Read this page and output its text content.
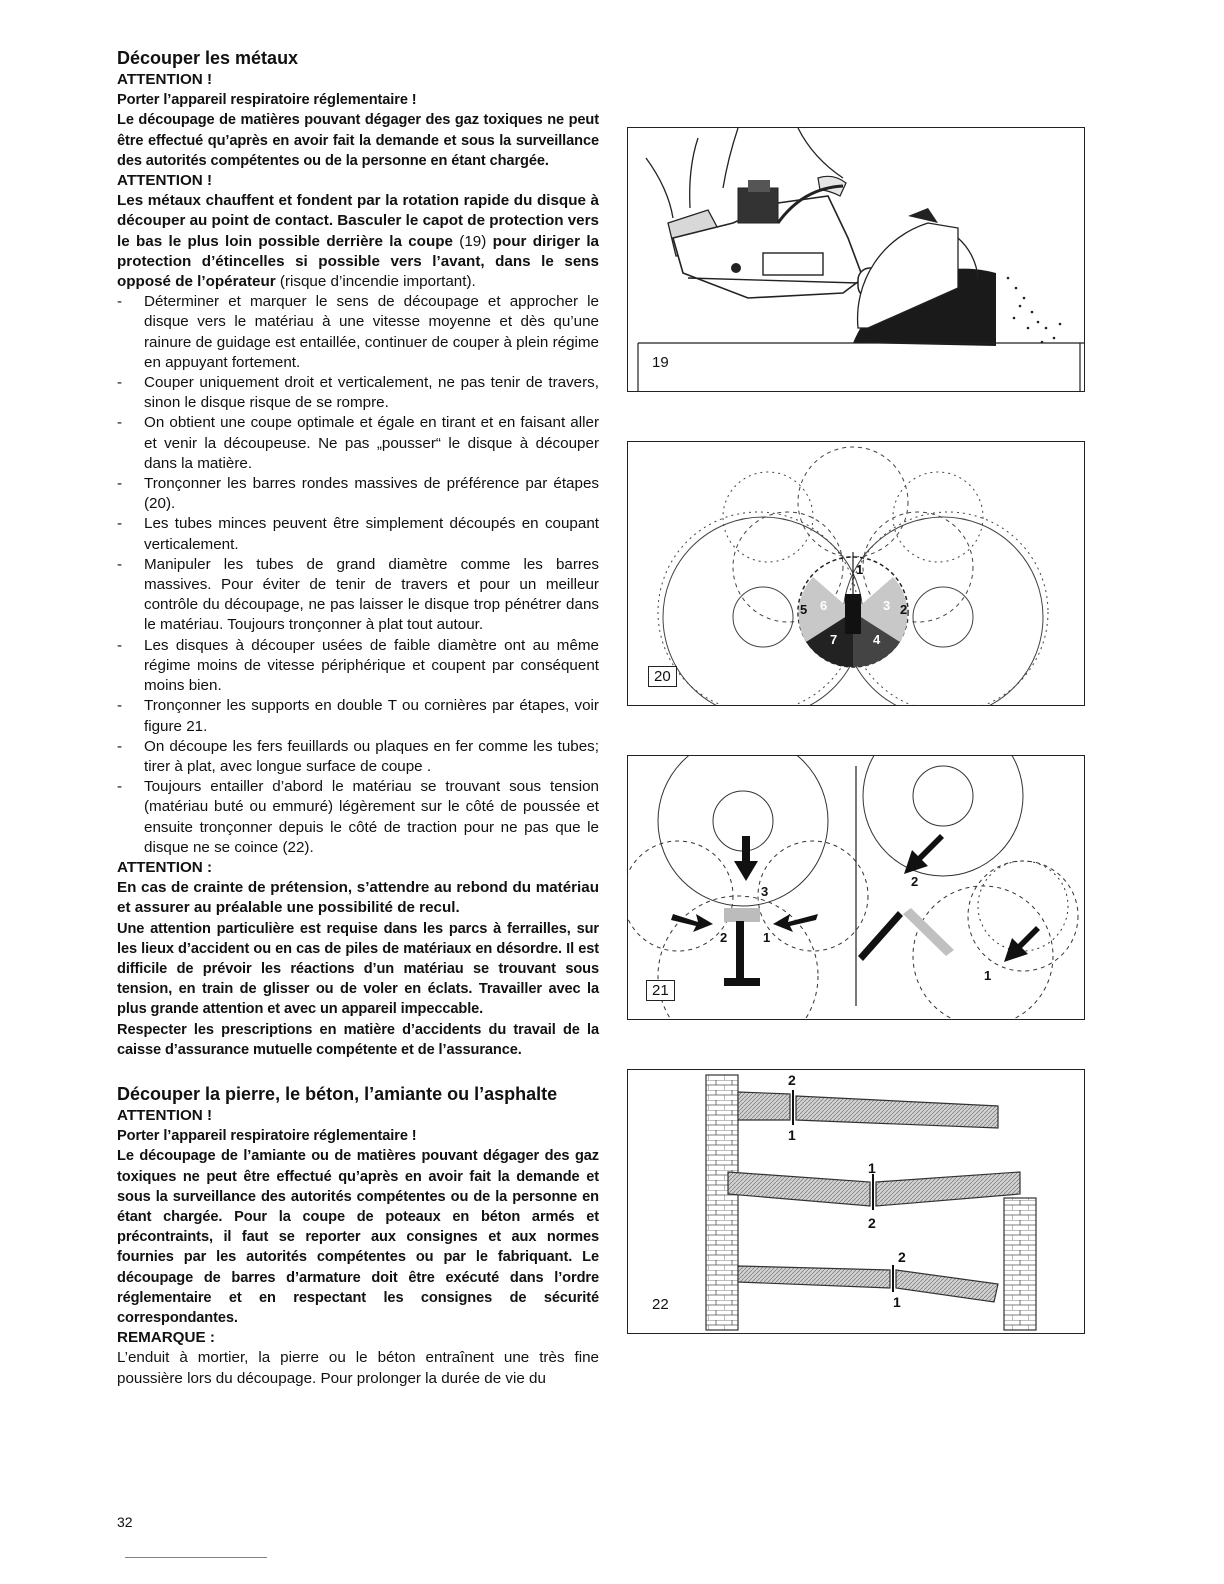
Découper les métaux

ATTENTION !

Porter l’appareil respiratoire réglementaire !

Le découpage de matières pouvant dégager des gaz toxiques ne peut être effectué qu’après en avoir fait la demande et sous la surveillance des autorités compétentes ou de la personne en étant chargée.

ATTENTION !

Les métaux chauffent et fondent par la rotation rapide du disque à découper au point de contact. Basculer le capot de protection vers le bas le plus loin possible derrière la coupe (19) pour diriger la protection d’étincelles si possible vers l’avant, dans le sens opposé de l’opérateur (risque d’incendie important).

- Déterminer et marquer le sens de découpage et approcher le disque vers le matériau à une vitesse moyenne et dès qu’une rainure de guidage est entaillée, continuer de couper à plein régime en appuyant fortement.
- Couper uniquement droit et verticalement, ne pas tenir de travers, sinon le disque risque de se rompre.
- On obtient une coupe optimale et égale en tirant et en faisant aller et venir la découpeuse. Ne pas „pousser“ le disque à découper dans la matière.
- Tronçonner les barres rondes massives de préférence par étapes (20).
- Les tubes minces peuvent être simplement découpés en coupant verticalement.
- Manipuler les tubes de grand diamètre comme les barres massives. Pour éviter de tenir de travers et pour un meilleur contrôle du découpage, ne pas laisser le disque trop pénétrer dans le matériau. Toujours tronçonner à plat tout autour.
- Les disques à découper usées de faible diamètre ont au même régime moins de vitesse périphérique et coupent par conséquent moins bien.
- Tronçonner les supports en double T ou cornières par étapes, voir figure 21.
- On découpe les fers feuillards ou plaques en fer comme les tubes; tirer à plat, avec longue surface de coupe .
- Toujours entailler d’abord le matériau se trouvant sous tension (matériau buté ou emmuré) légèrement sur le côté de poussée et ensuite tronçonner depuis le côté de traction pour ne pas que le disque ne se coince (22).

ATTENTION :

En cas de crainte de prétension, s’attendre au rebond du matériau et assurer au préalable une possibilité de recul.

Une attention particulière est requise dans les parcs à ferrailles, sur les lieux d’accident ou en cas de piles de matériaux en désordre. Il est difficile de prévoir les réactions d’un matériau se trouvant sous tension, en train de glisser ou de voler en éclats. Travailler avec la plus grande attention et avec un appareil impeccable.

Respecter les prescriptions en matière d’accidents du travail de la caisse d’assurance mutuelle compétente et de l’assurance.

Découper la pierre, le béton, l’amiante ou l’asphalte

ATTENTION !

Porter l’appareil respiratoire réglementaire !

Le découpage de l’amiante ou de matières pouvant dégager des gaz toxiques ne peut être effectué qu’après en avoir fait la demande et sous la surveillance des autorités compétentes ou de la personne en étant chargée. Pour la coupe de poteaux en béton armés et précontraints, il faut se reporter aux consignes et aux normes fournies par les autorités compétentes ou par le fabriquant. Le découpage de barres d’armature doit être exécuté dans l’ordre réglementaire et en respectant les consignes de sécurité correspondantes.

REMARQUE :

L’enduit à mortier, la pierre ou le béton entraînent une très fine poussière lors du découpage. Pour prolonger la durée de vie du

32
19
1
2
3
4
5 6
7
20
3
2	1
2
1
21
2
1
1
2
2
1
22
